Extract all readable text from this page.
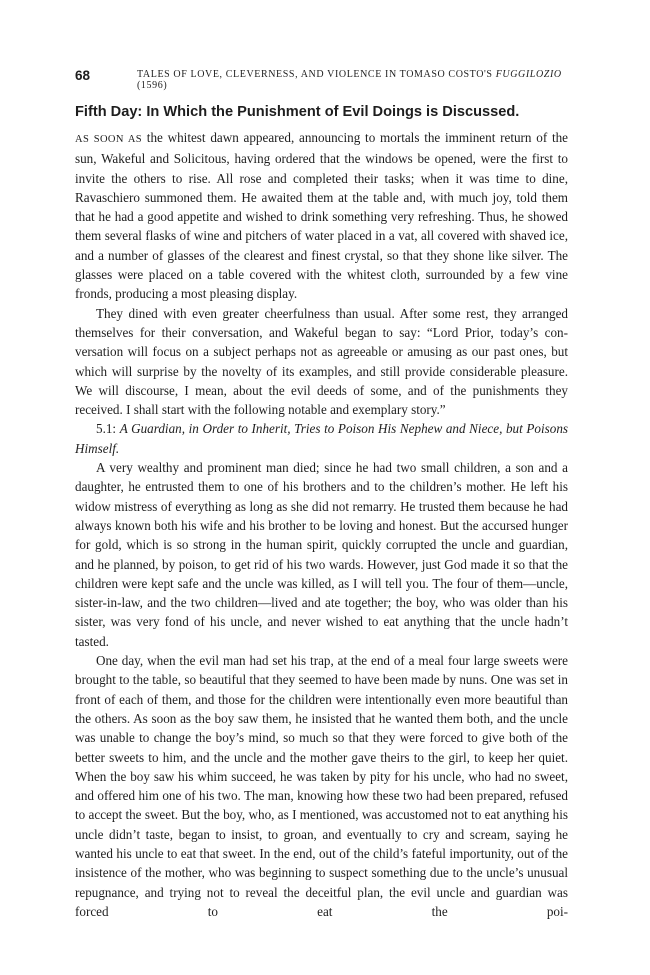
68	TALES OF LOVE, CLEVERNESS, AND VIOLENCE IN TOMASO COSTO'S FUGGILOZIO (1596)
Fifth Day: In Which the Punishment of Evil Doings is Discussed.

AS SOON AS the whitest dawn appeared, announcing to mortals the imminent return of the sun, Wakeful and Solicitous, having ordered that the windows be opened, were the first to invite the others to rise. All rose and completed their tasks; when it was time to dine, Ravaschiero summoned them. He awaited them at the table and, with much joy, told them that he had a good appetite and wished to drink something very refreshing. Thus, he showed them several flasks of wine and pitchers of water placed in a vat, all covered with shaved ice, and a number of glasses of the clearest and finest crystal, so that they shone like silver. The glasses were placed on a table covered with the whitest cloth, surrounded by a few vine fronds, producing a most pleasing display.

They dined with even greater cheerfulness than usual. After some rest, they arranged themselves for their conversation, and Wakeful began to say: “Lord Prior, today’s conversation will focus on a subject perhaps not as agreeable or amusing as our past ones, but which will surprise by the novelty of its examples, and still provide considerable pleasure. We will discourse, I mean, about the evil deeds of some, and of the punishments they received. I shall start with the following notable and exemplary story.”

5.1: A Guardian, in Order to Inherit, Tries to Poison His Nephew and Niece, but Poisons Himself.

A very wealthy and prominent man died; since he had two small children, a son and a daughter, he entrusted them to one of his brothers and to the children’s mother. He left his widow mistress of everything as long as she did not remarry. He trusted them because he had always known both his wife and his brother to be loving and honest. But the accursed hunger for gold, which is so strong in the human spirit, quickly corrupted the uncle and guardian, and he planned, by poison, to get rid of his two wards. However, just God made it so that the children were kept safe and the uncle was killed, as I will tell you. The four of them—uncle, sister-in-law, and the two children—lived and ate together; the boy, who was older than his sister, was very fond of his uncle, and never wished to eat anything that the uncle hadn’t tasted.

One day, when the evil man had set his trap, at the end of a meal four large sweets were brought to the table, so beautiful that they seemed to have been made by nuns. One was set in front of each of them, and those for the children were intentionally even more beautiful than the others. As soon as the boy saw them, he insisted that he wanted them both, and the uncle was unable to change the boy’s mind, so much so that they were forced to give both of the better sweets to him, and the uncle and the mother gave theirs to the girl, to keep her quiet. When the boy saw his whim succeed, he was taken by pity for his uncle, who had no sweet, and offered him one of his two. The man, knowing how these two had been prepared, refused to accept the sweet. But the boy, who, as I mentioned, was accustomed not to eat anything his uncle didn’t taste, began to insist, to groan, and eventually to cry and scream, saying he wanted his uncle to eat that sweet. In the end, out of the child’s fateful importunity, out of the insistence of the mother, who was beginning to suspect something due to the uncle’s unusual repugnance, and trying not to reveal the deceitful plan, the evil uncle and guardian was forced to eat the poi-
